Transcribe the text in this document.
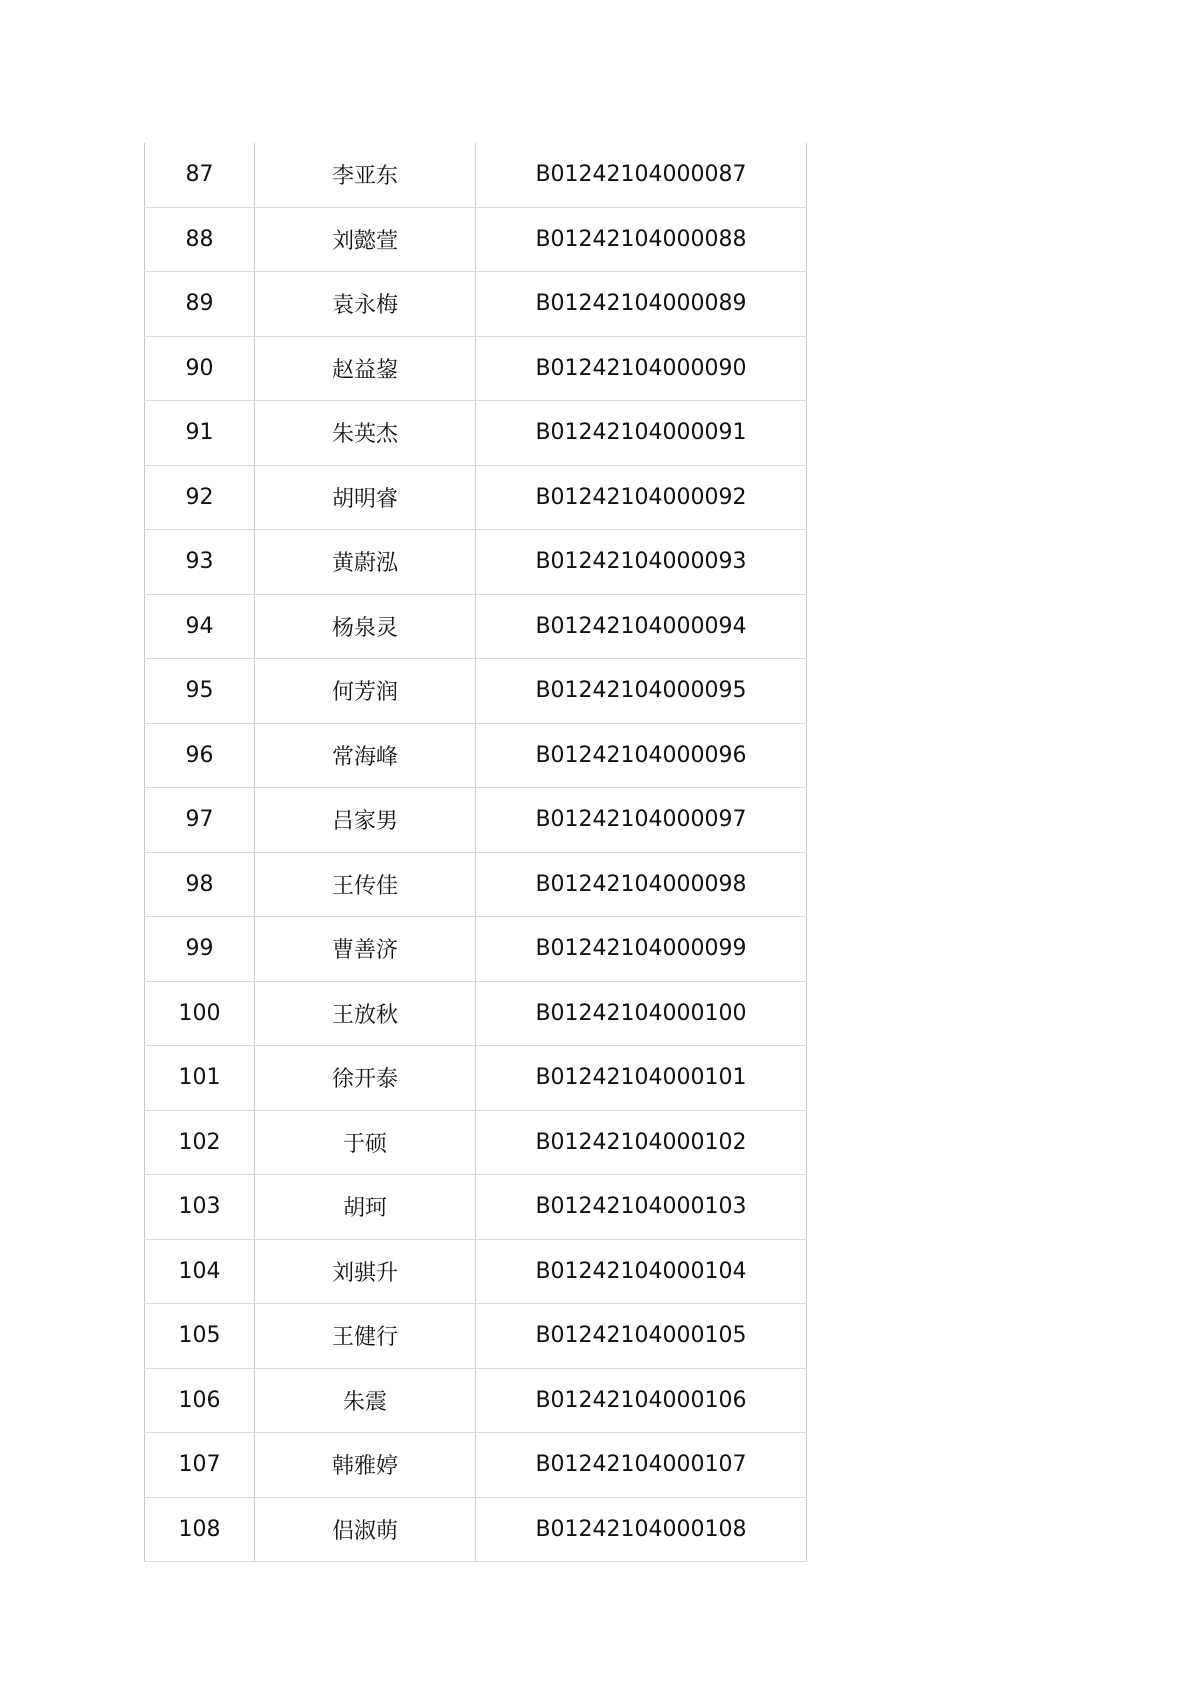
87	李亚东	B01242104000087
88	刘懿萱	B01242104000088
89	袁永梅	B01242104000089
90	赵益鋆	B01242104000090
91	朱英杰	B01242104000091
92	胡明睿	B01242104000092
93	黄蔚泓	B01242104000093
94	杨泉灵	B01242104000094
95	何芳润	B01242104000095
96	常海峰	B01242104000096
97	吕家男	B01242104000097
98	王传佳	B01242104000098
99	曹善济	B01242104000099
100	王放秋	B01242104000100
101	徐开泰	B01242104000101
102	于硕	B01242104000102
103	胡珂	B01242104000103
104	刘骐升	B01242104000104
105	王健行	B01242104000105
106	朱震	B01242104000106
107	韩雅婷	B01242104000107
108	侣淑萌	B01242104000108
